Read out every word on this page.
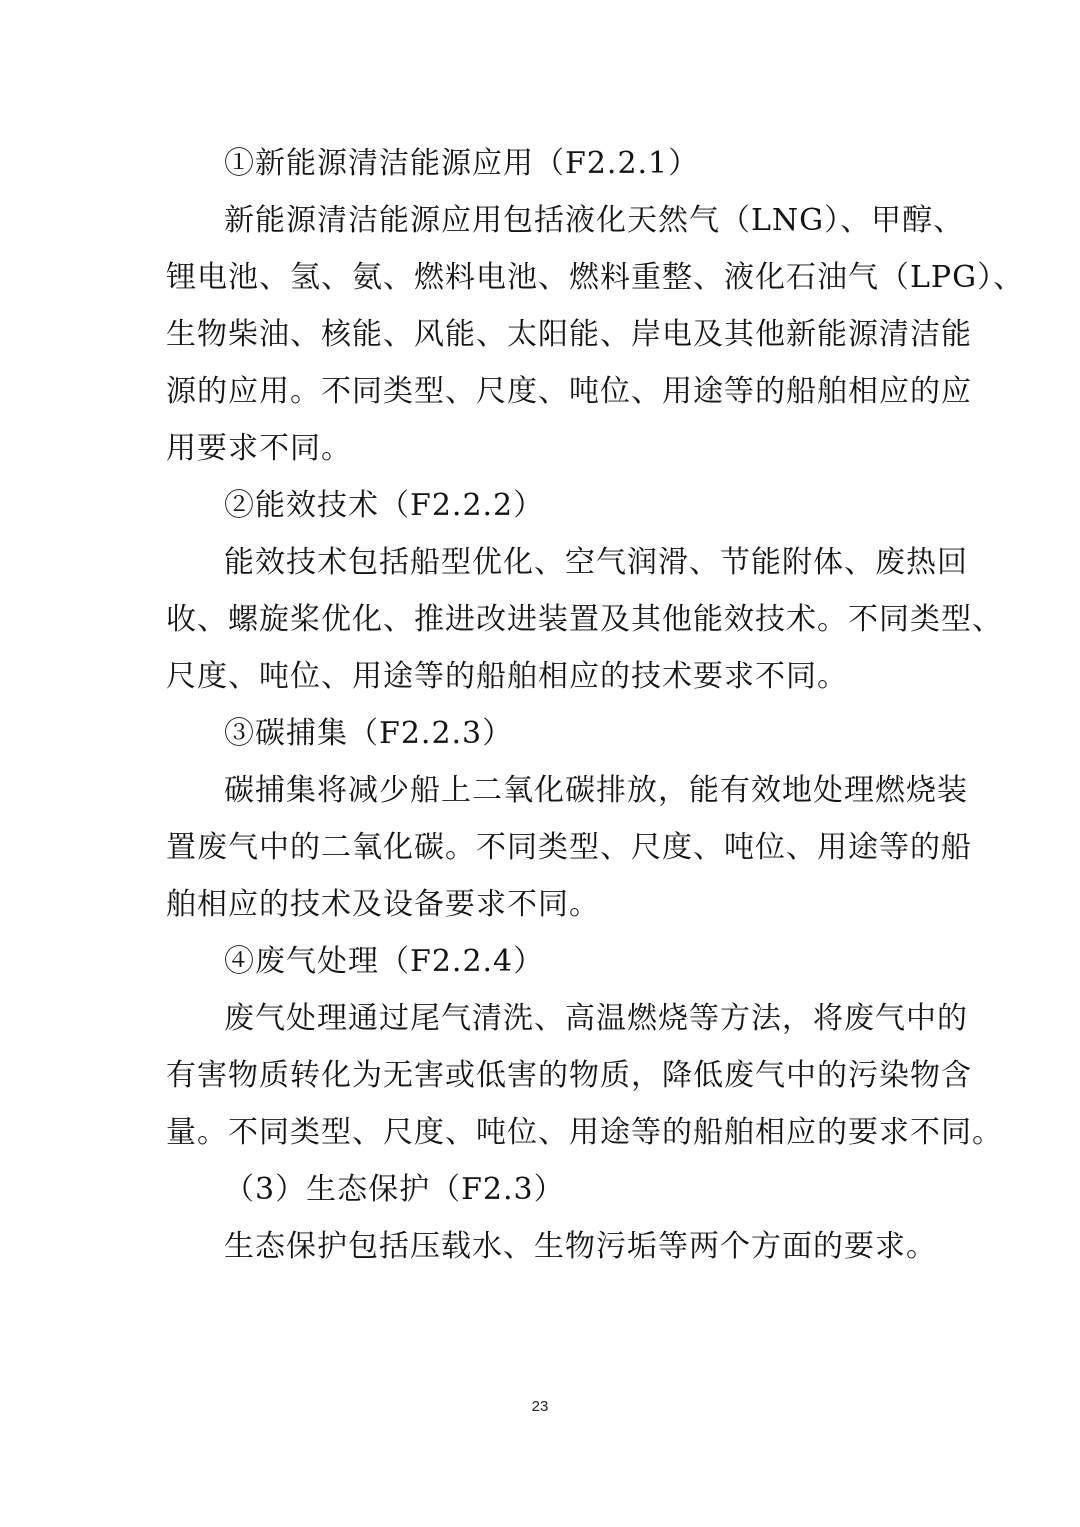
①新能源清洁能源应用（F2.2.1）
新能源清洁能源应用包括液化天然气（LNG）、甲醇、
锂电池、氢、氨、燃料电池、燃料重整、液化石油气（LPG）、
生物柴油、核能、风能、太阳能、岸电及其他新能源清洁能
源的应用。不同类型、尺度、吨位、用途等的船舶相应的应
用要求不同。
②能效技术（F2.2.2）
能效技术包括船型优化、空气润滑、节能附体、废热回
收、螺旋桨优化、推进改进装置及其他能效技术。不同类型、
尺度、吨位、用途等的船舶相应的技术要求不同。
③碳捕集（F2.2.3）
碳捕集将减少船上二氧化碳排放，能有效地处理燃烧装
置废气中的二氧化碳。不同类型、尺度、吨位、用途等的船
舶相应的技术及设备要求不同。
④废气处理（F2.2.4）
废气处理通过尾气清洗、高温燃烧等方法，将废气中的
有害物质转化为无害或低害的物质，降低废气中的污染物含
量。不同类型、尺度、吨位、用途等的船舶相应的要求不同。
（3）生态保护（F2.3）
生态保护包括压载水、生物污垢等两个方面的要求。
23
